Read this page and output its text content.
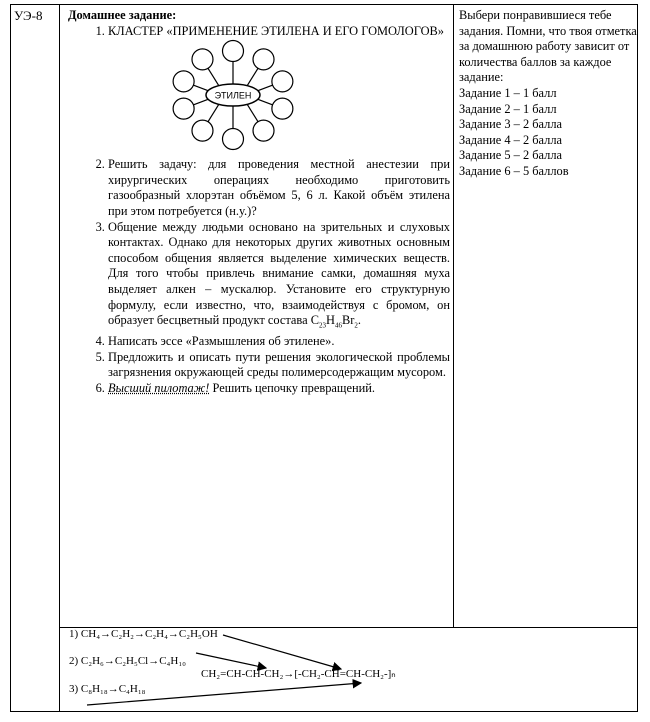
УЭ-8 Домашнее задание:
1. КЛАСТЕР «ПРИМЕНЕНИЕ ЭТИЛЕНА И ЕГО ГОМОЛОГОВ»
ЭТИЛЕН
2. Решить задачу: для проведения местной анестезии при хирургических операциях необходимо приготовить газообразный хлорэтан объёмом 5, 6 л. Какой объём этилена при этом потребуется (н.у.)?
3. Общение между людьми основано на зрительных и слуховых контактах. Однако для некоторых других животных основным способом общения является выделение химических веществ. Для того чтобы привлечь внимание самки, домашняя муха выделяет алкен – мускалюр. Установите его структурную формулу, если известно, что, взаимодействуя с бромом, он образует бесцветный продукт состава $C_{23}H_{46}Br_2$.
4. Написать эссе «Размышления об этилене».
5. Предложить и описать пути решения экологической проблемы загрязнения окружающей среды полимерсодержащим мусором.
6. Высший пилотаж! Решить цепочку превращений.
Выбери понравившиеся тебе задания. Помни, что твоя отметка за домашнюю работу зависит от количества баллов за каждое задание:
Задание 1 – 1 балл
Задание 2 – 1 балл
Задание 3 – 2 балла
Задание 4 – 2 балла
Задание 5 – 2 балла
Задание 6 – 5 баллов
1) CH₄→C₂H₂→C₂H₄→C₂H₅OH
2) C₂H₆→C₂H₅Cl→C₄H₁₀
CH₂=CH-CH-CH₂→[-CH₂-CH=CH-CH₂-]ₙ
3) C₈H₁₈→C₄H₁₈
